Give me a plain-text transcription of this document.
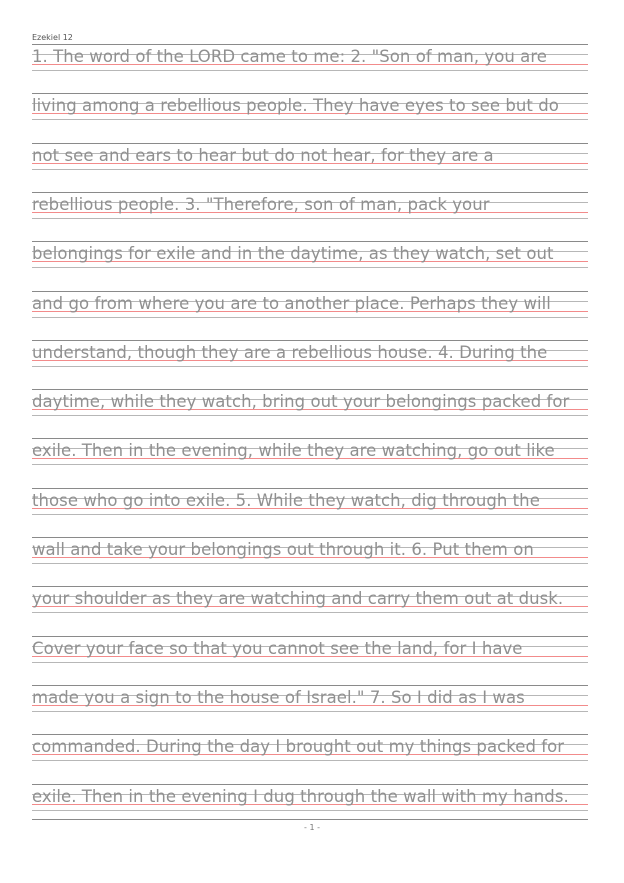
Ezekiel 12
1. The word of the LORD came to me: 2. "Son of man, you are
living among a rebellious people. They have eyes to see but do
not see and ears to hear but do not hear, for they are a
rebellious people. 3. "Therefore, son of man, pack your
belongings for exile and in the daytime, as they watch, set out
and go from where you are to another place. Perhaps they will
understand, though they are a rebellious house. 4. During the
daytime, while they watch, bring out your belongings packed for
exile. Then in the evening, while they are watching, go out like
those who go into exile. 5. While they watch, dig through the
wall and take your belongings out through it. 6. Put them on
your shoulder as they are watching and carry them out at dusk.
Cover your face so that you cannot see the land, for I have
made you a sign to the house of Israel." 7. So I did as I was
commanded. During the day I brought out my things packed for
exile. Then in the evening I dug through the wall with my hands.
- 1 -
